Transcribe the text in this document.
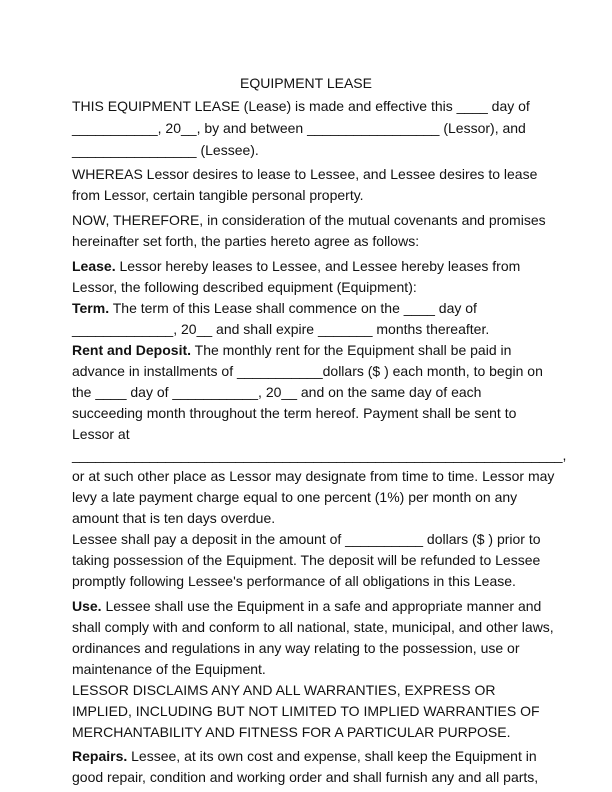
EQUIPMENT LEASE
THIS EQUIPMENT LEASE (Lease) is made and effective this ____ day of
___________, 20__, by and between _________________ (Lessor), and
________________ (Lessee).
WHEREAS Lessor desires to lease to Lessee, and Lessee desires to lease
from Lessor, certain tangible personal property.
NOW, THEREFORE, in consideration of the mutual covenants and promises
hereinafter set forth, the parties hereto agree as follows:
Lease. Lessor hereby leases to Lessee, and Lessee hereby leases from
Lessor, the following described equipment (Equipment):
Term. The term of this Lease shall commence on the ____ day of
_____________, 20__ and shall expire _______ months thereafter.
Rent and Deposit. The monthly rent for the Equipment shall be paid in
advance in installments of ___________dollars ($ ) each month, to begin on
the ____ day of ___________, 20__ and on the same day of each
succeeding month throughout the term hereof. Payment shall be sent to
Lessor at
_______________________________________________________________,
or at such other place as Lessor may designate from time to time. Lessor may
levy a late payment charge equal to one percent (1%) per month on any
amount that is ten days overdue.
Lessee shall pay a deposit in the amount of __________ dollars ($ ) prior to
taking possession of the Equipment. The deposit will be refunded to Lessee
promptly following Lessee's performance of all obligations in this Lease.
Use. Lessee shall use the Equipment in a safe and appropriate manner and
shall comply with and conform to all national, state, municipal, and other laws,
ordinances and regulations in any way relating to the possession, use or
maintenance of the Equipment.
LESSOR DISCLAIMS ANY AND ALL WARRANTIES, EXPRESS OR
IMPLIED, INCLUDING BUT NOT LIMITED TO IMPLIED WARRANTIES OF
MERCHANTABILITY AND FITNESS FOR A PARTICULAR PURPOSE.
Repairs. Lessee, at its own cost and expense, shall keep the Equipment in
good repair, condition and working order and shall furnish any and all parts,
